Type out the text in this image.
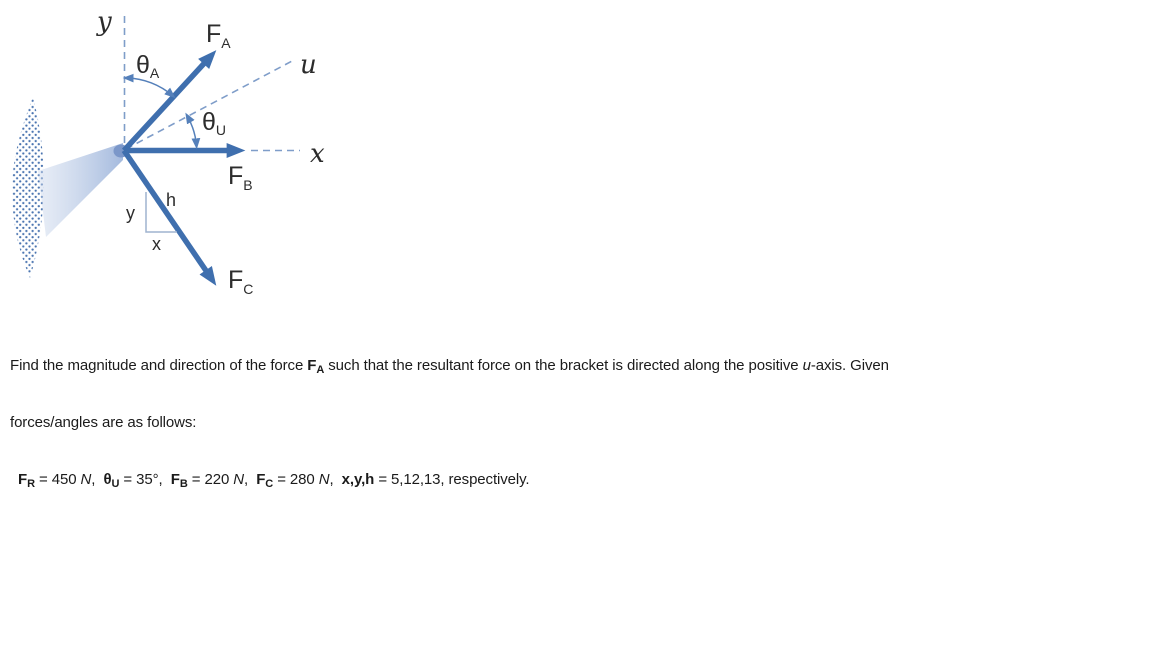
y
u
x
$\theta_A$
$\theta_U$
$F_A$
$F_B$
$F_C$
y
x
h

Find the magnitude and direction of the force $F_A$ such that the resultant force on the bracket is directed along the positive u-axis. Given

forces/angles are as follows:

$F_R = 450$ N,  $\theta_U = 35^\circ$,  $F_B = 220$ N,  $F_C = 280$ N,  x,y,h = 5,12,13, respectively.
